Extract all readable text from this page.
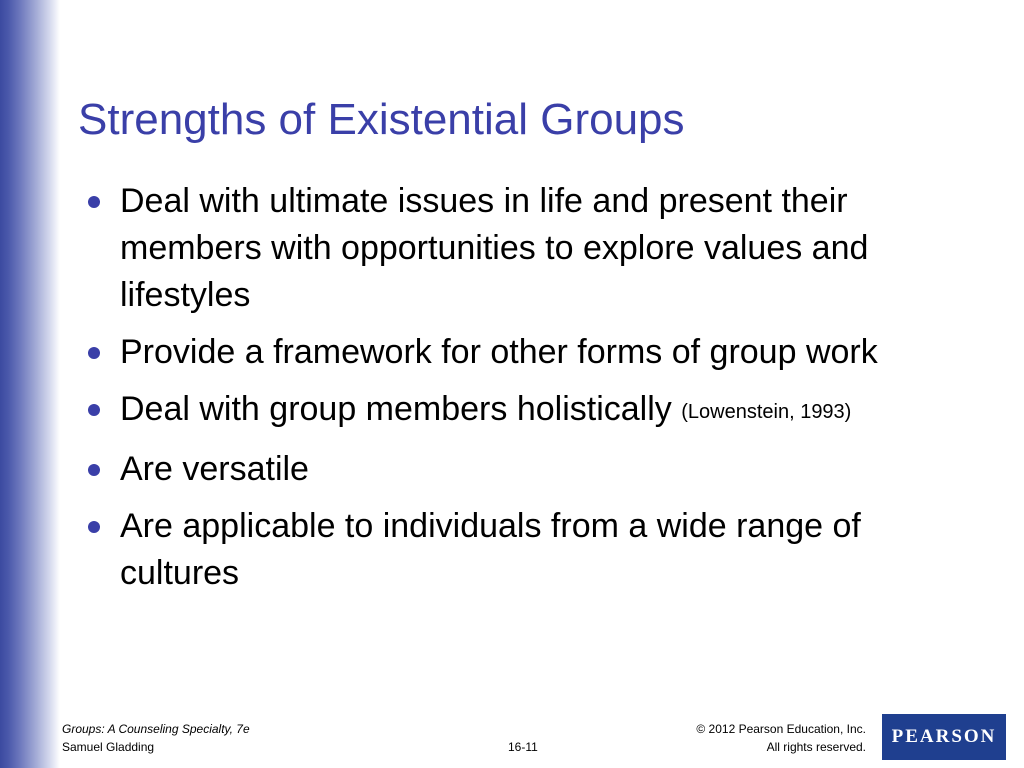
Strengths of Existential Groups
Deal with ultimate issues in life and present their members with opportunities to explore values and lifestyles
Provide a framework for other forms of group work
Deal with group members holistically (Lowenstein, 1993)
Are versatile
Are applicable to individuals from a wide range of cultures
Groups: A Counseling Specialty, 7e
Samuel Gladding	16-11
© 2012 Pearson Education, Inc.
All rights reserved. PEARSON
